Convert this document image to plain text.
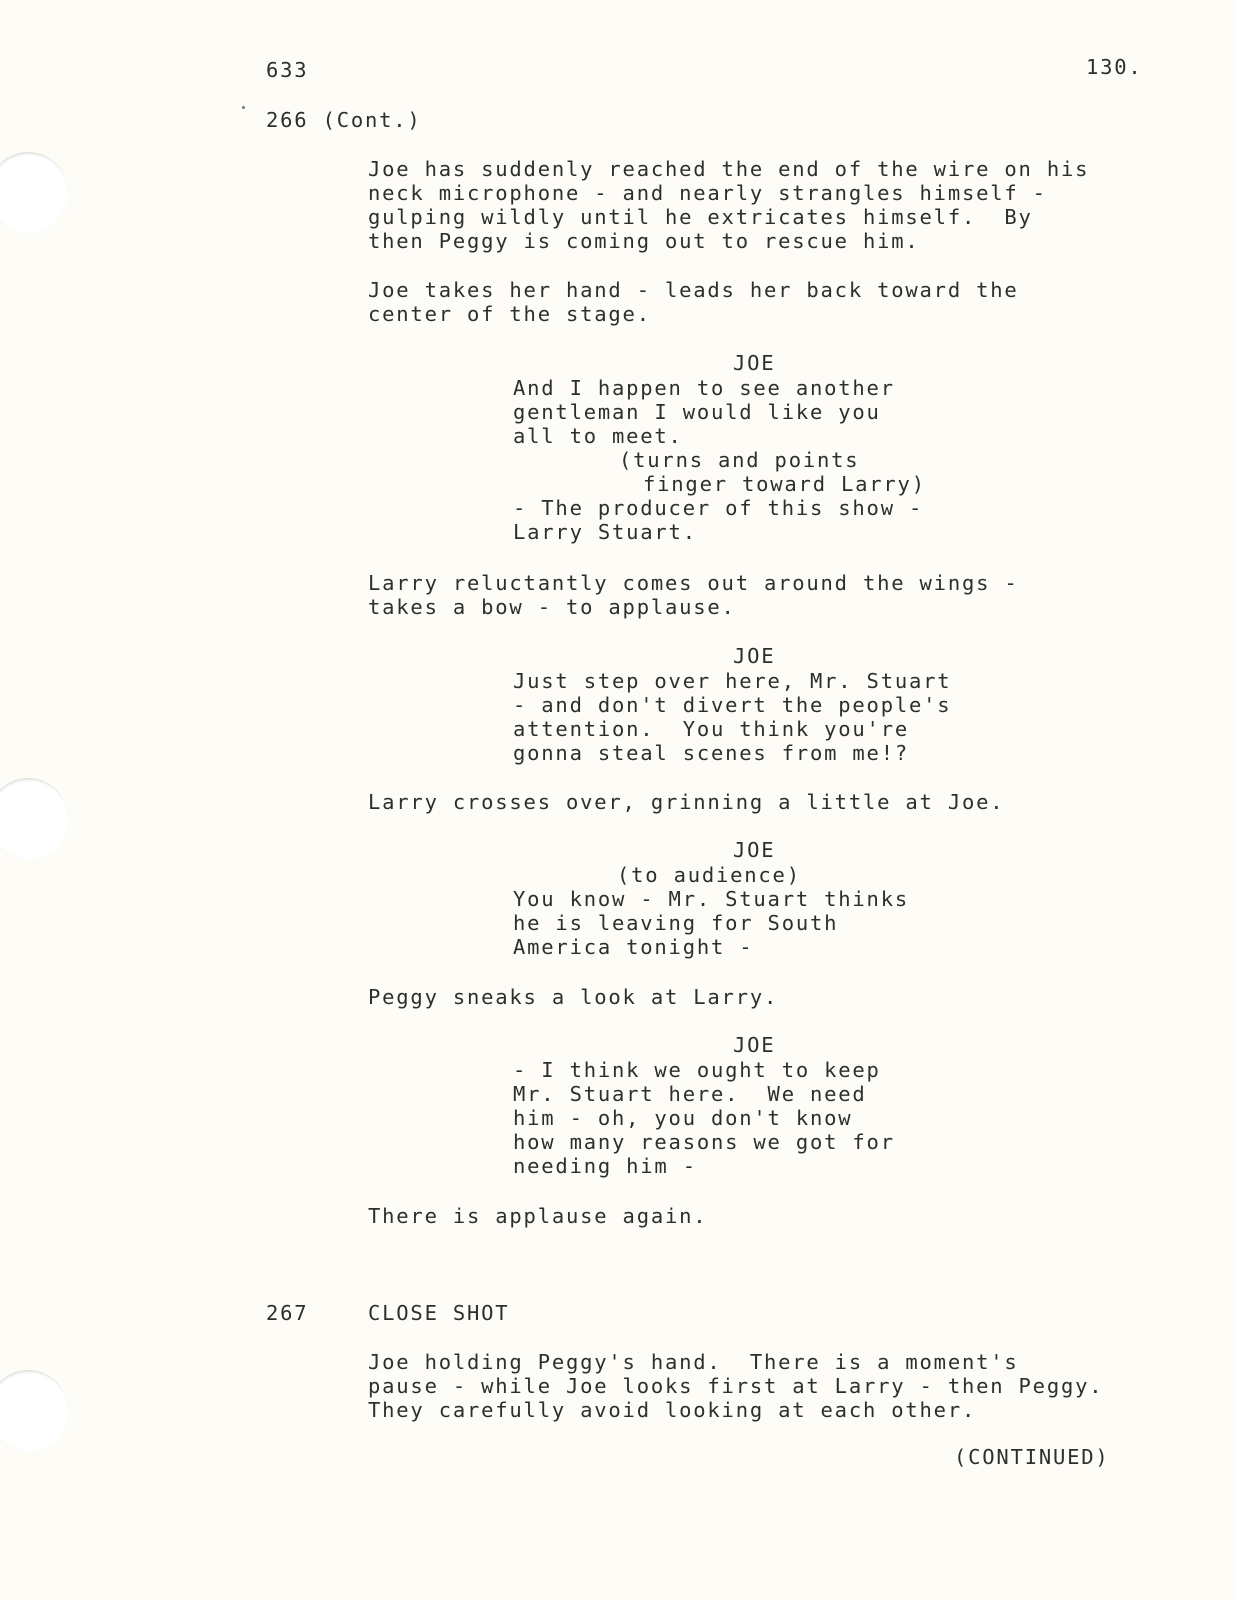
633	130.
266 (Cont.)
Joe has suddenly reached the end of the wire on his
neck microphone - and nearly strangles himself -
gulping wildly until he extricates himself.  By
then Peggy is coming out to rescue him.
Joe takes her hand - leads her back toward the
center of the stage.
JOE
And I happen to see another
gentleman I would like you
all to meet.
(turns and points
finger toward Larry)
- The producer of this show -
Larry Stuart.
Larry reluctantly comes out around the wings -
takes a bow - to applause.
JOE
Just step over here, Mr. Stuart
- and don't divert the people's
attention.  You think you're
gonna steal scenes from me!?
Larry crosses over, grinning a little at Joe.
JOE
(to audience)
You know - Mr. Stuart thinks
he is leaving for South
America tonight -
Peggy sneaks a look at Larry.
JOE
- I think we ought to keep
Mr. Stuart here.  We need
him - oh, you don't know
how many reasons we got for
needing him -
There is applause again.
267	CLOSE SHOT
Joe holding Peggy's hand.  There is a moment's
pause - while Joe looks first at Larry - then Peggy.
They carefully avoid looking at each other.
(CONTINUED)
